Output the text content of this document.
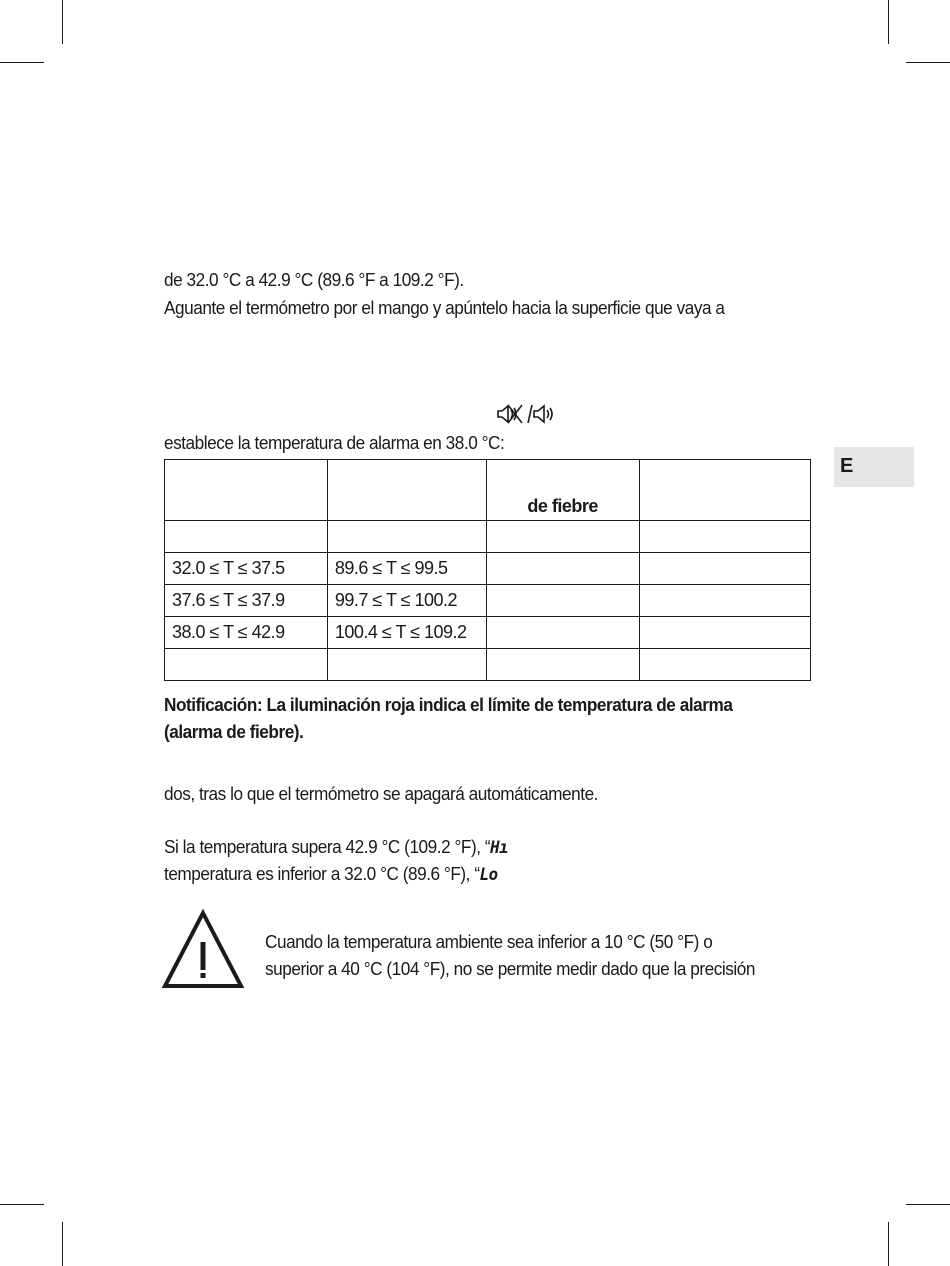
de 32.0 °C a 42.9 °C (89.6 °F a 109.2 °F).

Aguante el termómetro por el mango y apúntelo hacia la superficie que vaya a

establece la temperatura de alarma en 38.0 °C:

		de fiebre	

32.0 ≤ T ≤ 37.5	89.6 ≤ T ≤ 99.5		
37.6 ≤ T ≤ 37.9	99.7 ≤ T ≤ 100.2		
38.0 ≤ T ≤ 42.9	100.4 ≤ T ≤ 109.2		

E

Notificación: La iluminación roja indica el límite de temperatura de alarma

(alarma de fiebre).

dos, tras lo que el termómetro se apagará automáticamente.

Si la temperatura supera 42.9 °C (109.2 °F), “Hı

temperatura es inferior a 32.0 °C (89.6 °F), “Lo

Cuando la temperatura ambiente sea inferior a 10 °C (50 °F) o

superior a 40 °C (104 °F), no se permite medir dado que la precisión
